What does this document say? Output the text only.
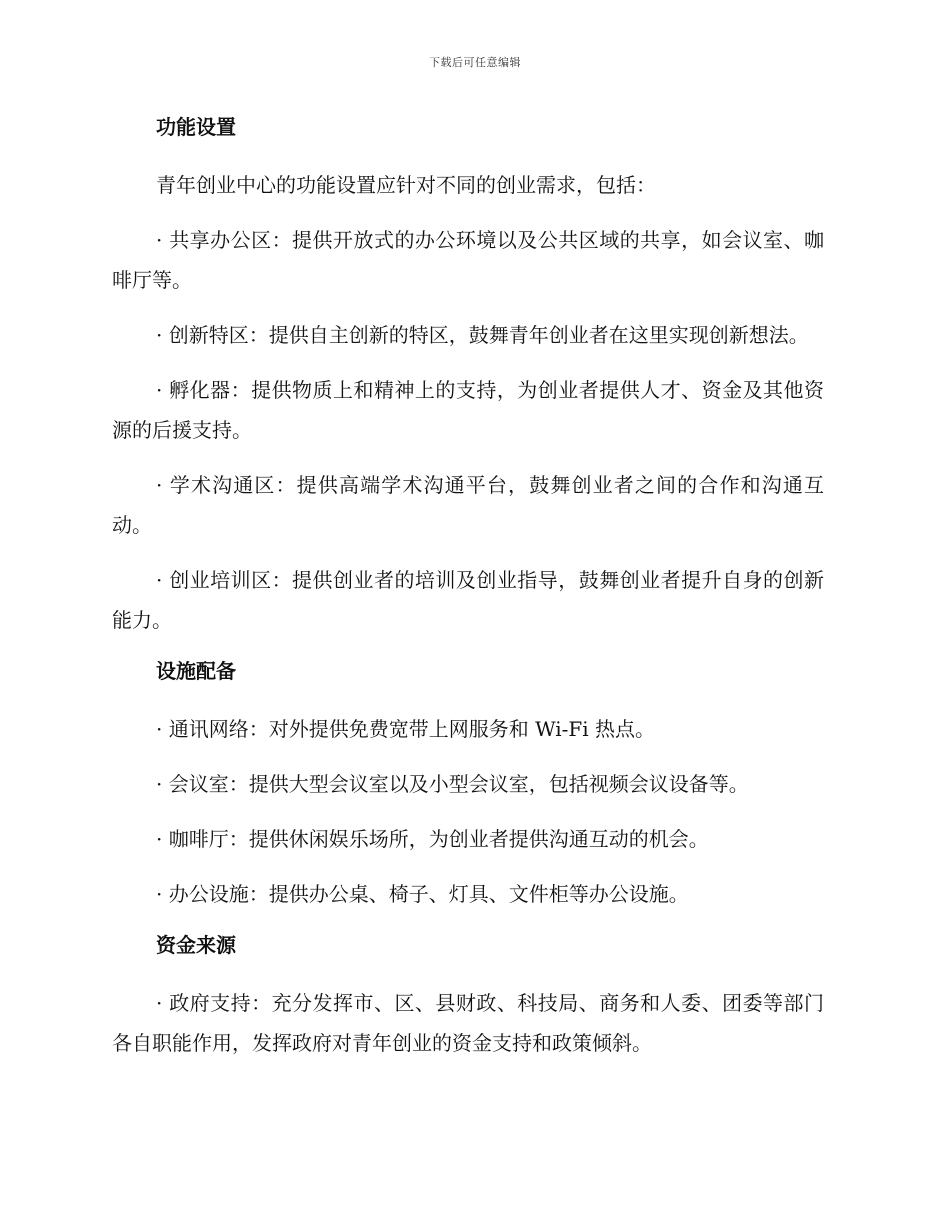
下载后可任意编辑
功能设置

青年创业中心的功能设置应针对不同的创业需求，包括：

· 共享办公区：提供开放式的办公环境以及公共区域的共享，如会议室、咖啡厅等。

· 创新特区：提供自主创新的特区，鼓舞青年创业者在这里实现创新想法。

· 孵化器：提供物质上和精神上的支持，为创业者提供人才、资金及其他资源的后援支持。

· 学术沟通区：提供高端学术沟通平台，鼓舞创业者之间的合作和沟通互动。

· 创业培训区：提供创业者的培训及创业指导，鼓舞创业者提升自身的创新能力。

设施配备

· 通讯网络：对外提供免费宽带上网服务和 Wi-Fi 热点。

· 会议室：提供大型会议室以及小型会议室，包括视频会议设备等。

· 咖啡厅：提供休闲娱乐场所，为创业者提供沟通互动的机会。

· 办公设施：提供办公桌、椅子、灯具、文件柜等办公设施。

资金来源

· 政府支持：充分发挥市、区、县财政、科技局、商务和人委、团委等部门各自职能作用，发挥政府对青年创业的资金支持和政策倾斜。
